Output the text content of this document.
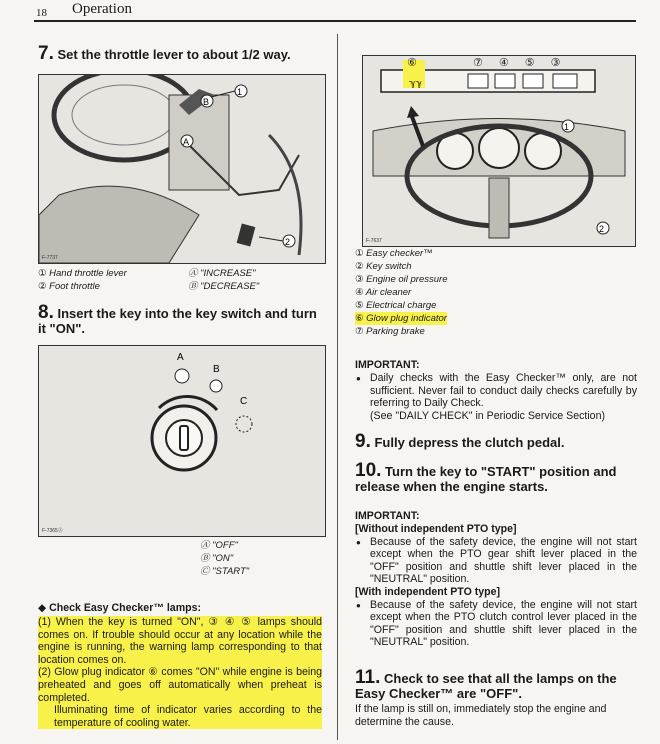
18 Operation
7. Set the throttle lever to about 1/2 way.
1
B
A
2
F-7737
① Hand throttle lever
② Foot throttle
Ⓐ "INCREASE"
Ⓑ "DECREASE"
8. Insert the key into the key switch and turn it "ON".
A
B
C
F-7365Ⓩ
Ⓐ "OFF"
Ⓑ "ON"
Ⓒ "START"
◆ Check Easy Checker™ lamps:
(1) When the key is turned "ON", ③ ④ ⑤ lamps should comes on. If trouble should occur at any location while the engine is running, the warning lamp corresponding to that location comes on.
(2) Glow plug indicator ⑥ comes "ON" while engine is being preheated and goes off automatically when preheat is completed.
Illuminating time of indicator varies according to the temperature of cooling water.
ℽℽ
2
1
⑥	⑦④⑤③
F-7637
① Easy checker™
② Key switch
③ Engine oil pressure
④ Air cleaner
⑤ Electrical charge
⑥ Glow plug indicator
⑦ Parking brake
IMPORTANT:
● Daily checks with the Easy Checker™ only, are not sufficient. Never fail to conduct daily checks carefully by referring to Daily Check.
(See "DAILY CHECK" in Periodic Service Section)
9. Fully depress the clutch pedal.
10. Turn the key to "START" position and release when the engine starts.
IMPORTANT:
[Without independent PTO type]
● Because of the safety device, the engine will not start except when the PTO gear shift lever placed in the "OFF" position and shuttle shift lever placed in the "NEUTRAL" position.
[With independent PTO type]
● Because of the safety device, the engine will not start except when the PTO clutch control lever placed in the "OFF" position and shuttle shift lever placed in the "NEUTRAL" position.
11. Check to see that all the lamps on the Easy Checker™ are "OFF".
If the lamp is still on, immediately stop the engine and determine the cause.
